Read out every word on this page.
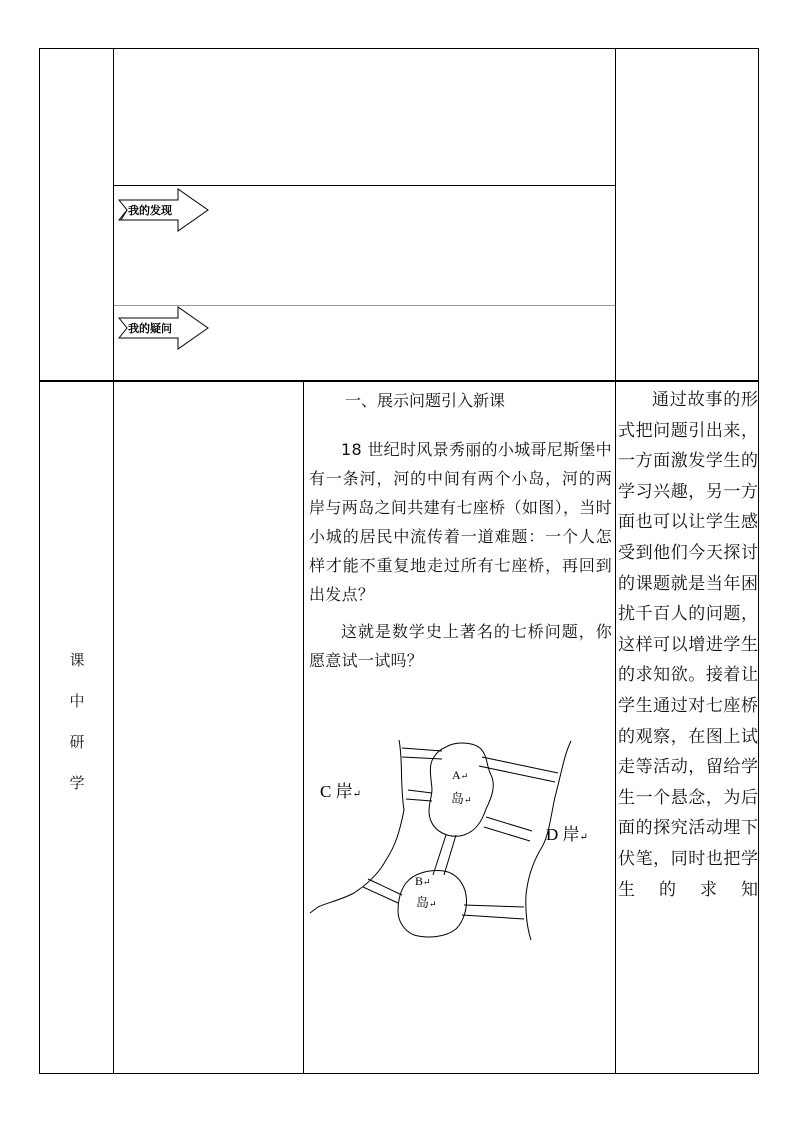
我的发现
我的疑问
课
中
研
学
一、展示问题引入新课

18 世纪时风景秀丽的小城哥尼斯堡中有一条河，河的中间有两个小岛，河的两岸与两岛之间共建有七座桥（如图），当时小城的居民中流传着一道难题：一个人怎样才能不重复地走过所有七座桥，再回到出发点？

这就是数学史上著名的七桥问题，你愿意试一试吗？

C 岸↵
D 岸↵
A↵
岛↵
B↵
岛↵

通过故事的形式把问题引出来，一方面激发学生的学习兴趣，另一方面也可以让学生感受到他们今天探讨的课题就是当年困扰千百人的问题，这样可以增进学生的求知欲。接着让学生通过对七座桥的观察，在图上试走等活动，留给学生一个悬念，为后面的探究活动埋下伏笔，同时也把学生的求知
